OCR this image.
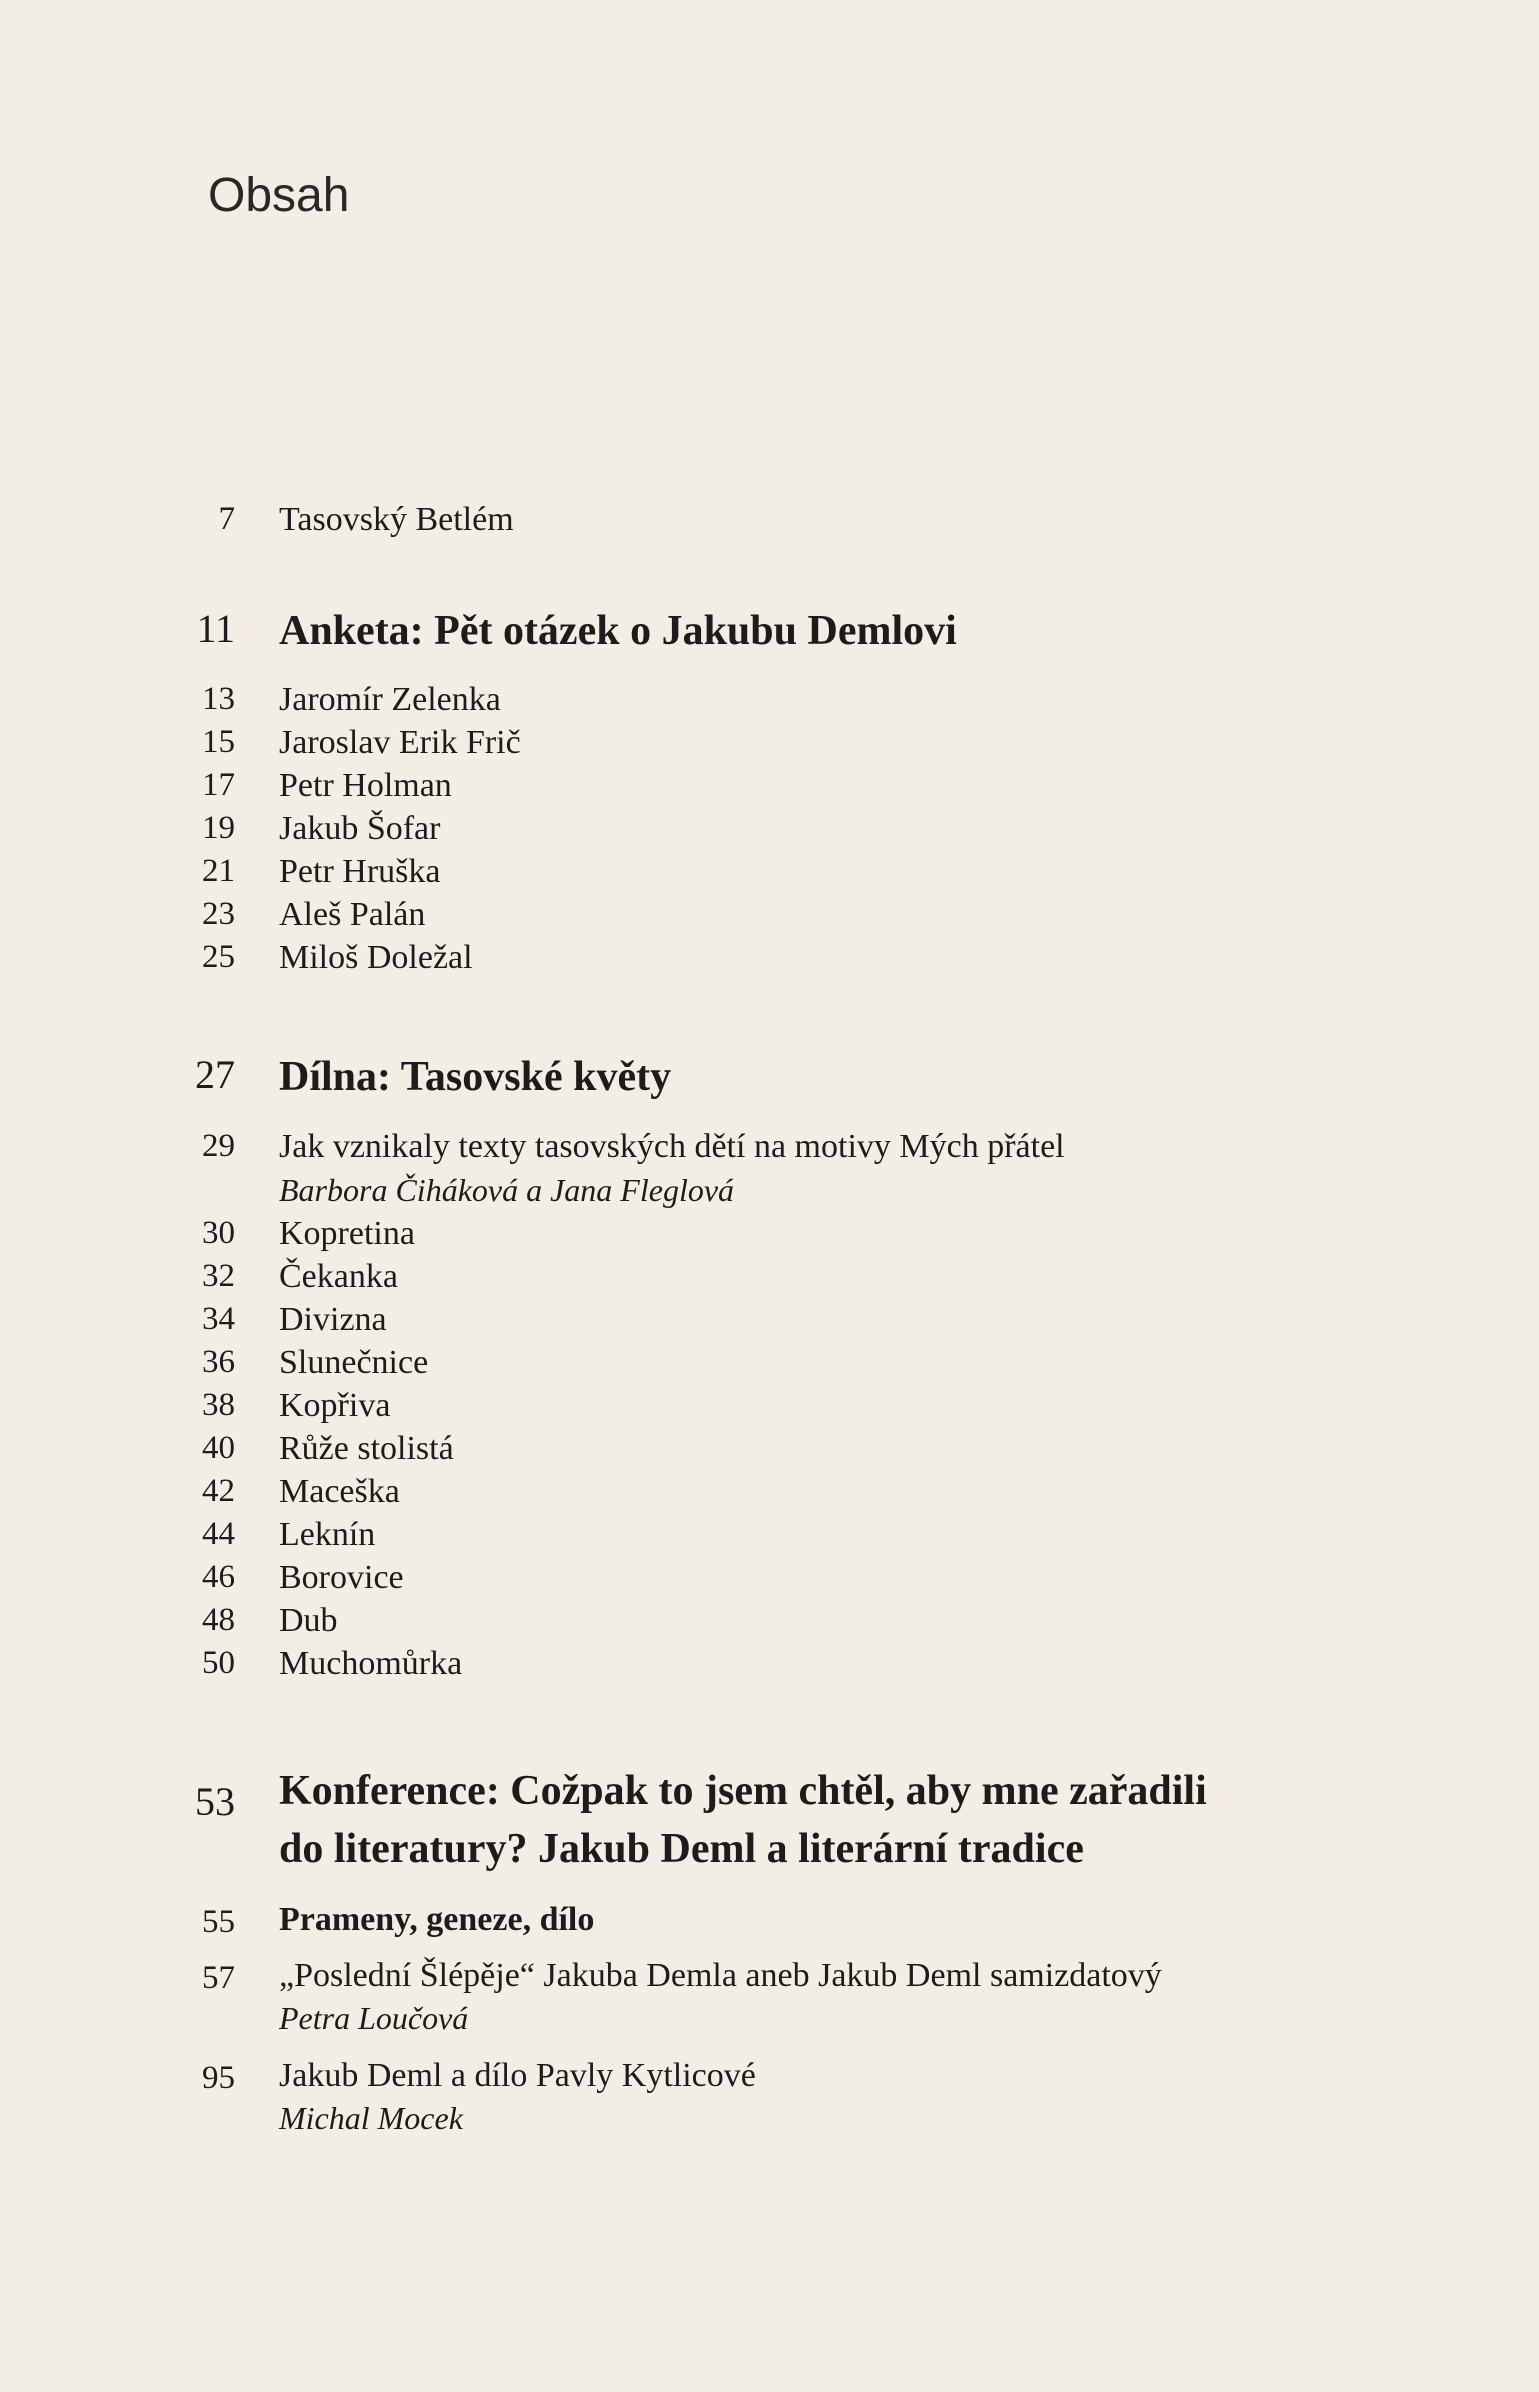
Obsah
7 Tasovský Betlém
11 Anketa: Pět otázek o Jakubu Demlovi
13 Jaromír Zelenka
15 Jaroslav Erik Frič
17 Petr Holman
19 Jakub Šofar
21 Petr Hruška
23 Aleš Palán
25 Miloš Doležal
27 Dílna: Tasovské květy
29 Jak vznikaly texty tasovských dětí na motivy Mých přátel
Barbora Čiháková a Jana Fleglová
30 Kopretina
32 Čekanka
34 Divizna
36 Slunečnice
38 Kopřiva
40 Růže stolistá
42 Maceška
44 Leknín
46 Borovice
48 Dub
50 Muchomůrka
53 Konference: Cožpak to jsem chtěl, aby mne zařadili
do literatury? Jakub Deml a literární tradice
55 Prameny, geneze, dílo
57 „Poslední Šlépěje“ Jakuba Demla aneb Jakub Deml samizdatový
Petra Loučová
95 Jakub Deml a dílo Pavly Kytlicové
Michal Mocek
